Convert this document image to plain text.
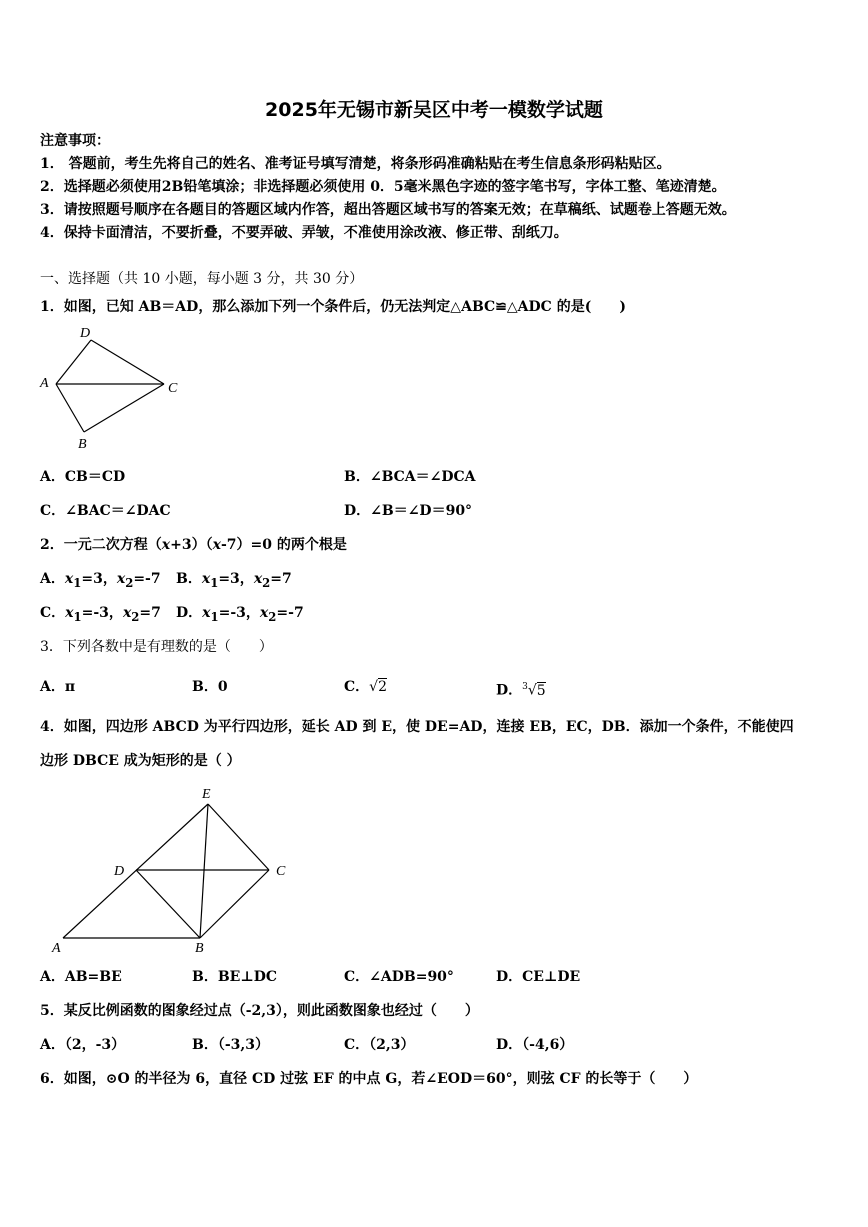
2025年无锡市新吴区中考一模数学试题
注意事项：
1． 答题前，考生先将自己的姓名、准考证号填写清楚，将条形码准确粘贴在考生信息条形码粘贴区。
2．选择题必须使用2B铅笔填涂；非选择题必须使用 0．5毫米黑色字迹的签字笔书写，字体工整、笔迹清楚。
3．请按照题号顺序在各题目的答题区域内作答，超出答题区域书写的答案无效；在草稿纸、试题卷上答题无效。
4．保持卡面清洁，不要折叠，不要弄破、弄皱，不准使用涂改液、修正带、刮纸刀。
一、选择题（共 10 小题，每小题 3 分，共 30 分）
1．如图，已知 AB＝AD，那么添加下列一个条件后，仍无法判定△ABC≌△ADC 的是(　　)
D
A	C
B
A．CB＝CD	B．∠BCA＝∠DCA
C．∠BAC＝∠DAC	D．∠B＝∠D＝90°
2．一元二次方程（x+3）（x-7）=0 的两个根是
A．$x_1=3$，$x_2=-7$ B．$x_1=3$，$x_2=7$
C．$x_1=-3$，$x_2=7$ D．$x_1=-3$，$x_2=-7$
3．下列各数中是有理数的是（　　）
A．π	B．0	C．√2	D．$^3$√5
4．如图，四边形 ABCD 为平行四边形，延长 AD 到 E，使 DE=AD，连接 EB，EC，DB．添加一个条件，不能使四
边形 DBCE 成为矩形的是（ ）
E
D	C
A	B
A．AB=BE	B．BE⊥DC	C．∠ADB=90°	D．CE⊥DE
5．某反比例函数的图象经过点（-2,3），则此函数图象也经过（　　）
A．（2，-3）	B．（-3,3）	C．（2,3）	D．（-4,6）
6．如图，⊙O 的半径为 6，直径 CD 过弦 EF 的中点 G，若∠EOD＝60°，则弦 CF 的长等于（　　）
